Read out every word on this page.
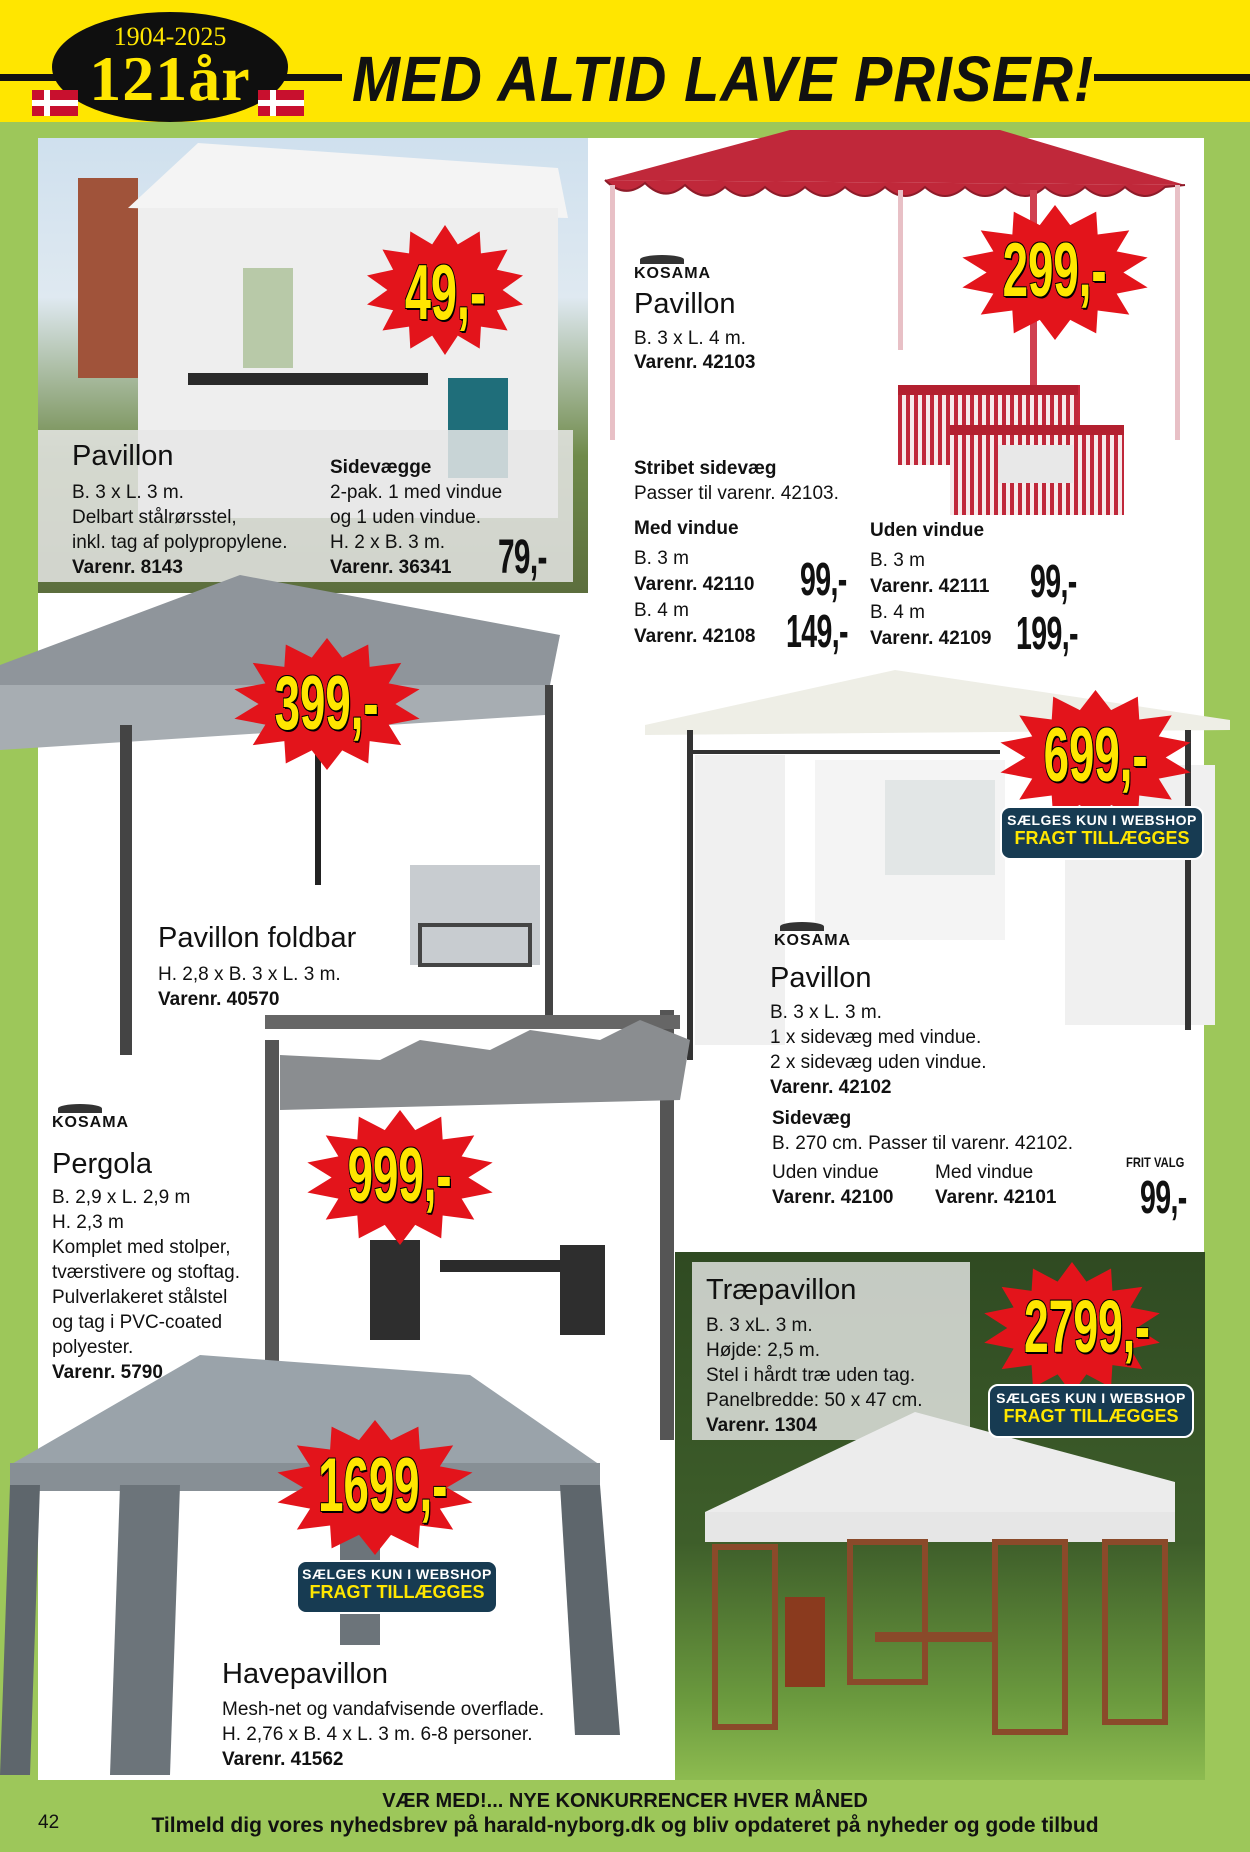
1904-2025
121år	MED ALTID LAVE PRISER!
Pavillon
B. 3 x L. 3 m.
Delbart stålrørsstel,
inkl. tag af polypropylene.
Varenr. 8143
Sidevægge
2-pak. 1 med vindue
og 1 uden vindue.
H. 2 x B. 3 m.
Varenr. 36341 79,-
49,-	KOSAMA
Pavillon
B. 3 x L. 4 m.
Varenr. 42103
299,-
Stribet sidevæg
Passer til varenr. 42103.
Med vindue
B. 3 m
Varenr. 42110 99,-
B. 4 m
Varenr. 42108 149,-
Uden vindue
B. 3 m
Varenr. 42111 99,-
B. 4 m
Varenr. 42109 199,-
399,-
Pavillon foldbar
H. 2,8 x B. 3 x L. 3 m.
Varenr. 40570
699,-
SÆLGES KUN I WEBSHOP
FRAGT TILLÆGGES
KOSAMA
Pavillon
B. 3 x L. 3 m.
1 x sidevæg med vindue.
2 x sidevæg uden vindue.
Varenr. 42102
Sidevæg
B. 270 cm. Passer til varenr. 42102.
Uden vindue
Varenr. 42100
Med vindue
Varenr. 42101
FRIT VALG
99,-
999,-
KOSAMA
Pergola
B. 2,9 x L. 2,9 m
H. 2,3 m
Komplet med stolper,
tværstivere og stoftag.
Pulverlakeret stålstel
og tag i PVC-coated
polyester.
Varenr. 5790
Træpavillon
B. 3 xL. 3 m.
Højde: 2,5 m.
Stel i hårdt træ uden tag.
Panelbredde: 50 x 47 cm.
Varenr. 1304
2799,-
SÆLGES KUN I WEBSHOP
FRAGT TILLÆGGES
1699,-
SÆLGES KUN I WEBSHOP
FRAGT TILLÆGGES
Havepavillon
Mesh-net og vandafvisende overflade.
H. 2,76 x B. 4 x L. 3 m. 6-8 personer.
Varenr. 41562
VÆR MED!... NYE KONKURRENCER HVER MÅNED
Tilmeld dig vores nyhedsbrev på harald-nyborg.dk og bliv opdateret på nyheder og gode tilbud
42
